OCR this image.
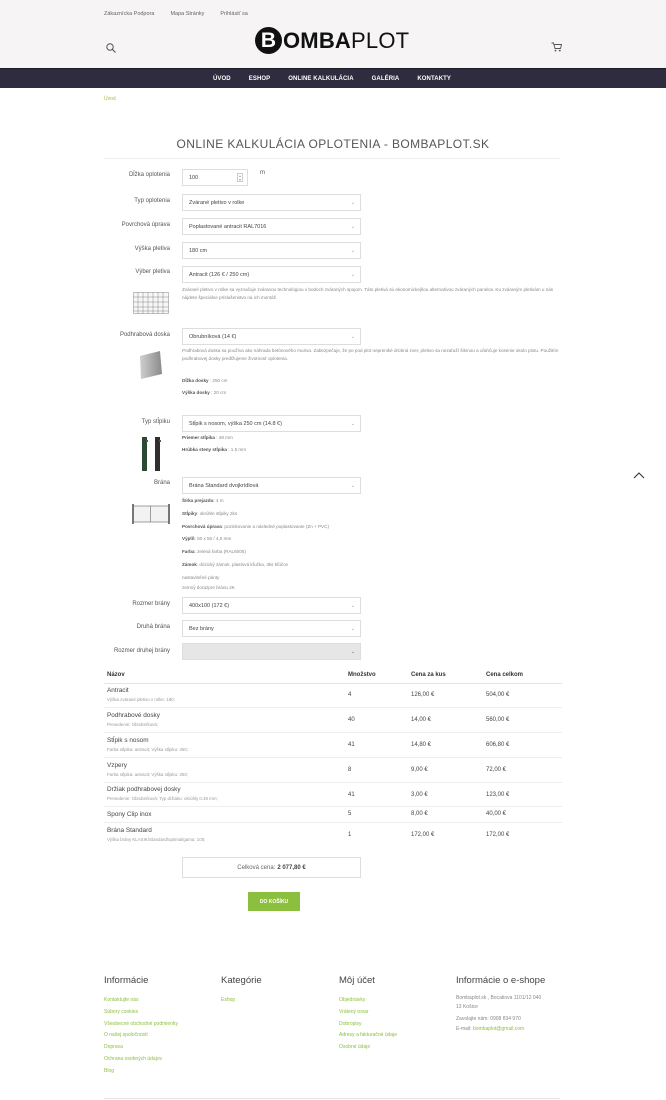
Zákaznícka Podpora	Mapa Stránky	Prihlásiť sa
B OMBAPLOT
ÚVOD	ESHOP	ONLINE KALKULÁCIA	GALÉRIA	KONTAKTY
Úvod
ONLINE KALKULÁCIA OPLOTENIA - BOMBAPLOT.SK
Dĺžka oplotenia	100	▲
▼
m
Typ oplotenia	Zvárané pletivo v rolke	⌄
Povrchová úprava	Poplastované antracit RAL7016	⌄
Výška pletiva	180 cm	⌄
Výber pletiva	Antracit (126 € / 250 cm)	⌄
Zvárané pletivo v rolke sa vyznačuje zváranou technológiou v bodoch zváraných spojom. Táto pletivá sú ekonomickejšou alternatívou zváraných panelov. Ku zváraným pletivám u nás nájdete špeciálne príslušenstvo na ich montáž.
Podhrabová doska	Obrubníková (14 €)	⌄
Podhrabová doska sa používa ako náhrada betónového muriva. Zabezpečuje, že po pod plot nepreniké drobná zver, pletivo sa nezaťaží šikmou a uľahčuje kosenie okolo plotu. Použitím podhrabovej dosky predlžujeme životnosť oplotenia.
Dĺžka dosky : 250 cm
Výška dosky : 20 cm
Typ stĺpiku	Stĺpik s nosom, výška 250 cm (14.8 €)	⌄
Priemer stĺpika : 48 mm
Hrúbka steny stĺpika : 1.5 mm
Brána	Brána Standard dvojkrídlová	⌄
Šírka prejazdu: 4 m
Stĺpiky: okrúhle stĺpiky 2ks
Povrchová úprava: pozinkovanie a následné poplastovanie (Zn + PVC)
Výplň: 50 x 50 / 4,0 mm
Farba: zelená farba (RAL6005)
Zámok: dózický zámok, plastová kľučka, 3ks kľúčov
nastaviteľné pánty
zemný dorazpre bránu 2K
Rozmer brány	400x100 (172 €)	⌄
Druhá brána	Bez brány	⌄
Rozmer druhej brány	⌄
Názov	Množstvo	Cena za kus	Cena celkom
Antracit
Výška zvárané pletivo v rolke: 180;
4	126,00 €	504,00 €
Podhrabové dosky
Prevedenie: Obrubníková;
40	14,00 €	560,00 €
Stĺpik s nosom
Farba stĺpika: antracit; Výška stĺpiku: 250;
41	14,80 €	606,80 €
Vzpery
Farba stĺpika: antracit; Výška stĺpiku: 250;
8	9,00 €	72,00 €
Držiak podhrabovej dosky
Prevedenie: Obrubníková; Typ držiaku: okrúhly 0.48 mm;
41	3,00 €	123,00 €
Spony Clip inox	5	8,00 €	40,00 €
Brána Standard
Výška brány KLASIK/Standard/optimal/gama: 100;
1	172,00 €	172,00 €
Celková cena: 2 077,80 €
DO KOŠÍKU
Informácie
Kontaktujte nás
Súbory cookies
Všeobecné obchodné podmienky
O našej spoločnosti
Doprava
Ochrana osobných údajov
Blog
Kategórie
Eshop
Môj účet
Objednávky
Vrátený tovar
Dobropisy
Adresy a fakturačné údaje
Osobné údaje
Informácie o e-shope
Bombaplot.sk , Bocatiova 1101/12 040
13 Košice
Zavolajte nám: 0908 834 970
E-mail: bombaplot@gmail.com
